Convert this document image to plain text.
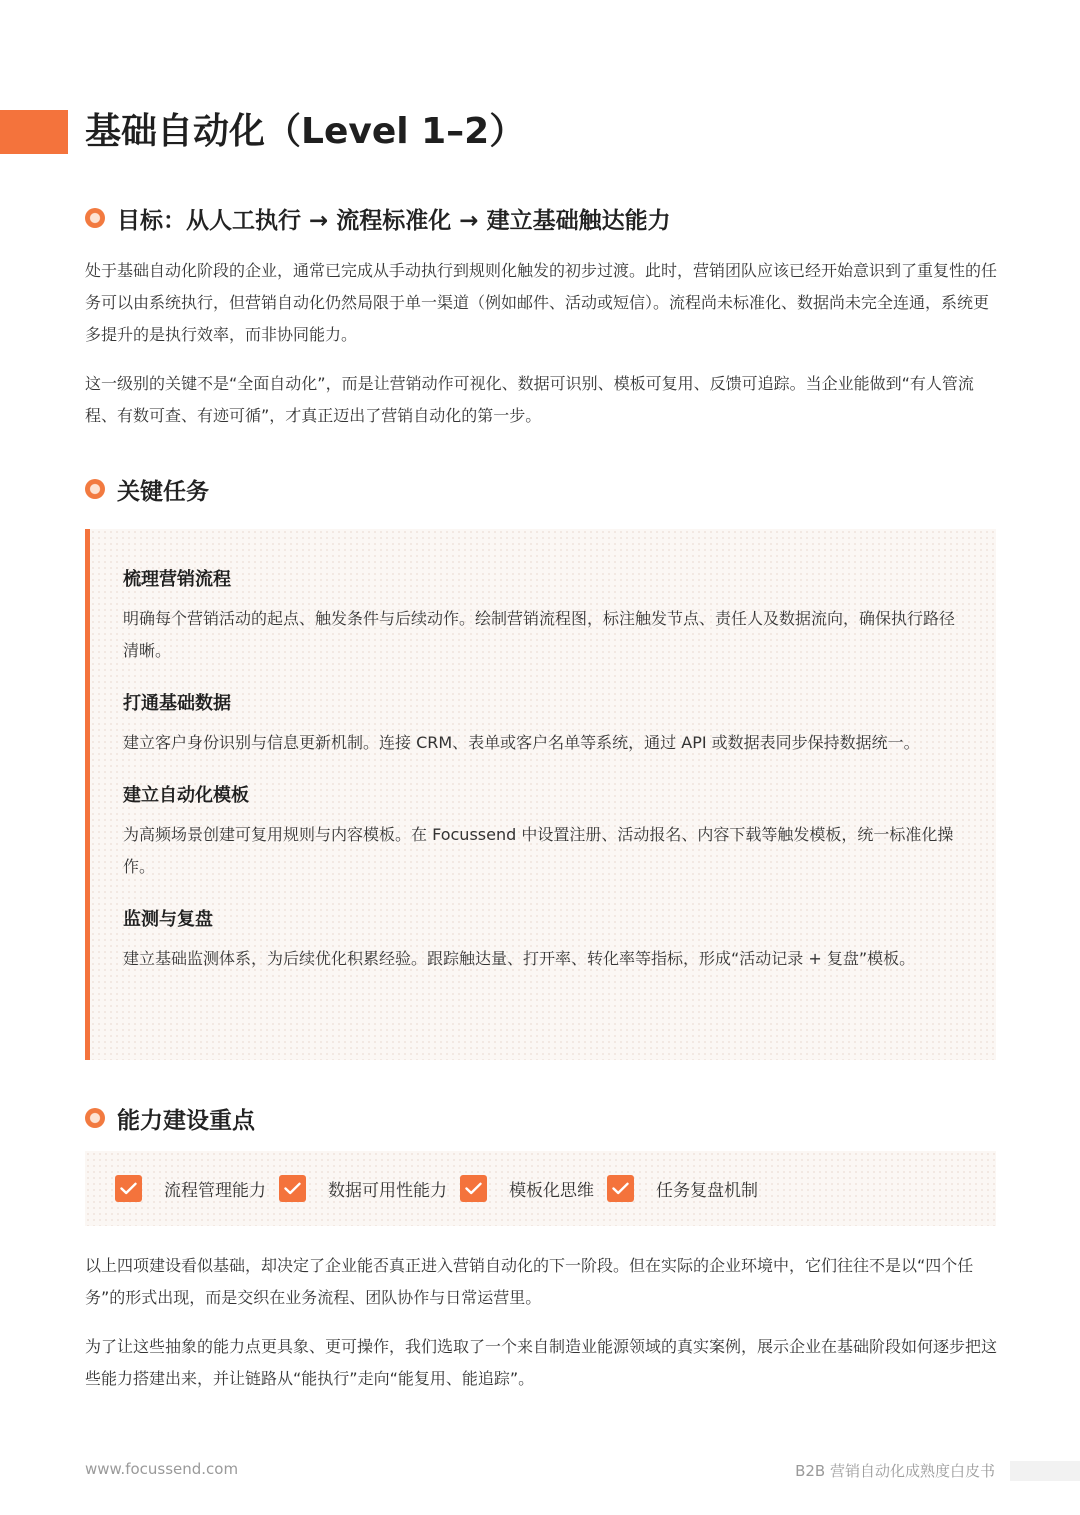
基础自动化（Level 1–2）
目标：从人工执行 → 流程标准化 → 建立基础触达能力

处于基础自动化阶段的企业，通常已完成从手动执行到规则化触发的初步过渡。此时，营销团队应该已经开始意识到了重复性的任务可以由系统执行，但营销自动化仍然局限于单一渠道（例如邮件、活动或短信）。流程尚未标准化、数据尚未完全连通，系统更多提升的是执行效率，而非协同能力。

这一级别的关键不是“全面自动化”，而是让营销动作可视化、数据可识别、模板可复用、反馈可追踪。当企业能做到“有人管流程、有数可查、有迹可循”，才真正迈出了营销自动化的第一步。

关键任务
梳理营销流程

明确每个营销活动的起点、触发条件与后续动作。绘制营销流程图，标注触发节点、责任人及数据流向，确保执行路径清晰。

打通基础数据

建立客户身份识别与信息更新机制。连接 CRM、表单或客户名单等系统，通过 API 或数据表同步保持数据统一。

建立自动化模板

为高频场景创建可复用规则与内容模板。在 Focussend 中设置注册、活动报名、内容下载等触发模板，统一标准化操作。

监测与复盘

建立基础监测体系，为后续优化积累经验。跟踪触达量、打开率、转化率等指标，形成“活动记录 + 复盘”模板。

能力建设重点
流程管理能力	数据可用性能力	模板化思维	任务复盘机制

以上四项建设看似基础，却决定了企业能否真正进入营销自动化的下一阶段。但在实际的企业环境中，它们往往不是以“四个任务”的形式出现，而是交织在业务流程、团队协作与日常运营里。

为了让这些抽象的能力点更具象、更可操作，我们选取了一个来自制造业能源领域的真实案例，展示企业在基础阶段如何逐步把这些能力搭建出来，并让链路从“能执行”走向“能复用、能追踪”。

www.focussend.com	B2B 营销自动化成熟度白皮书
